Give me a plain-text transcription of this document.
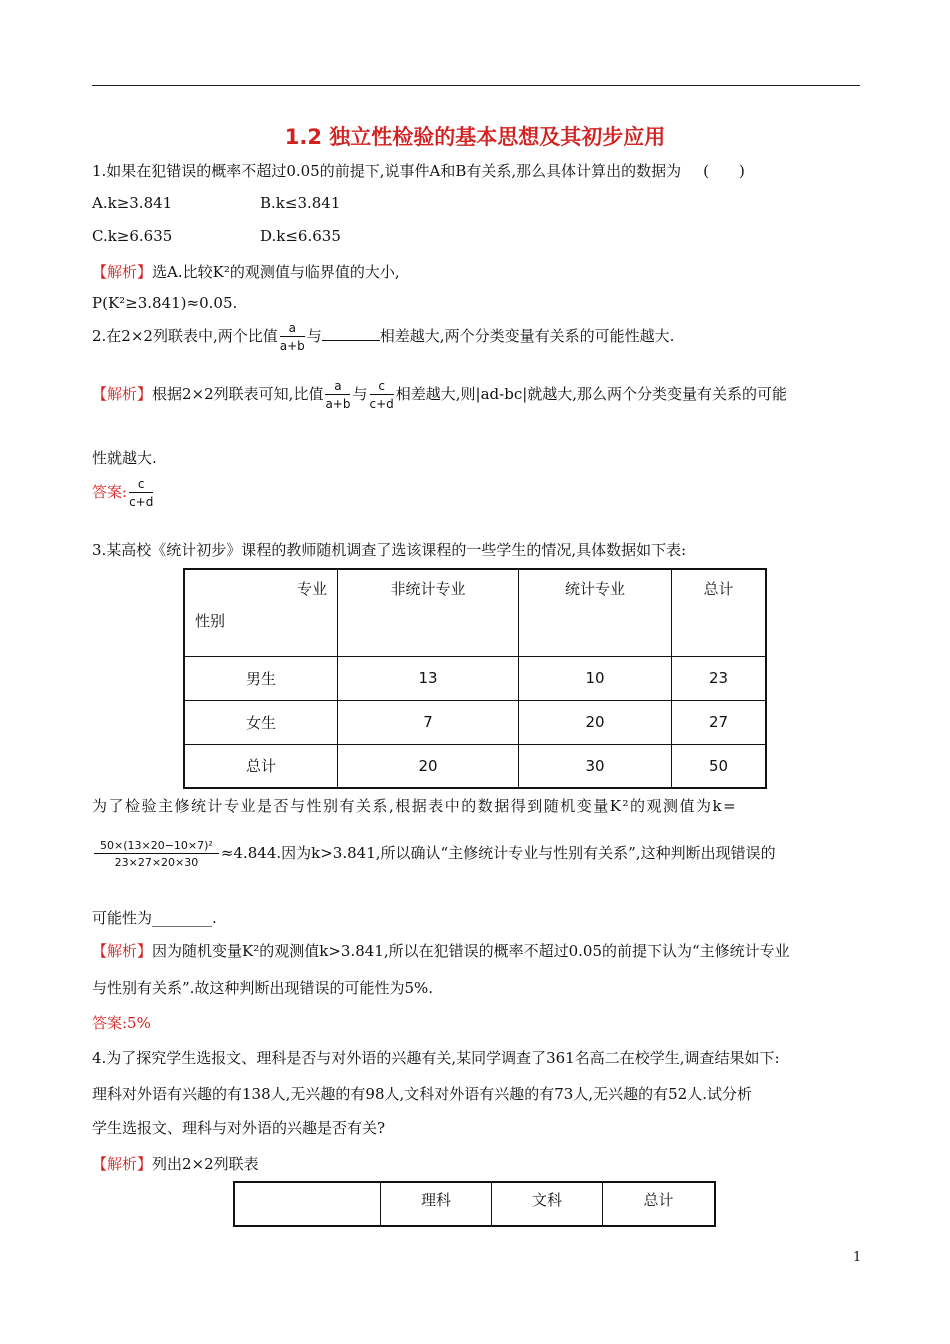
1.2 独立性检验的基本思想及其初步应用
1.如果在犯错误的概率不超过0.05的前提下,说事件A和B有关系,那么具体计算出的数据为 (　　)
A.k≥3.841	B.k≤3.841
C.k≥6.635	D.k≤6.635
【解析】选A.比较K²的观测值与临界值的大小,
P(K²≥3.841)≈0.05.
2.在2×2列联表中,两个比值 $\frac{a}{a+b}$ 与	相差越大,两个分类变量有关系的可能性越大.
【解析】根据2×2列联表可知,比值 $\frac{a}{a+b}$ 与 $\frac{c}{c+d}$ 相差越大,则|ad-bc|就越大,那么两个分类变量有关系的可能
性就越大.
答案: $\frac{c}{c+d}$
3.某高校《统计初步》课程的教师随机调查了选该课程的一些学生的情况,具体数据如下表:
专业
性别	非统计专业	统计专业	总计
男生	13	10	23
女生	7	20	27
总计	20	30	50
为了检验主修统计专业是否与性别有关系,根据表中的数据得到随机变量K²的观测值为k=
$\frac{\text{50×(13×20−10×7)²}}{23\times 27\times 20\times 30} \approx 4.844$.因为k>3.841,所以确认“主修统计专业与性别有关系”,这种判断出现错误的
可能性为________.
【解析】因为随机变量K²的观测值k>3.841,所以在犯错误的概率不超过0.05的前提下认为“主修统计专业
与性别有关系”.故这种判断出现错误的可能性为5%.
答案:5%
4.为了探究学生选报文、理科是否与对外语的兴趣有关,某同学调查了361名高二在校学生,调查结果如下:
理科对外语有兴趣的有138人,无兴趣的有98人,文科对外语有兴趣的有73人,无兴趣的有52人.试分析
学生选报文、理科与对外语的兴趣是否有关?
【解析】列出2×2列联表
	理科	文科	总计
1
